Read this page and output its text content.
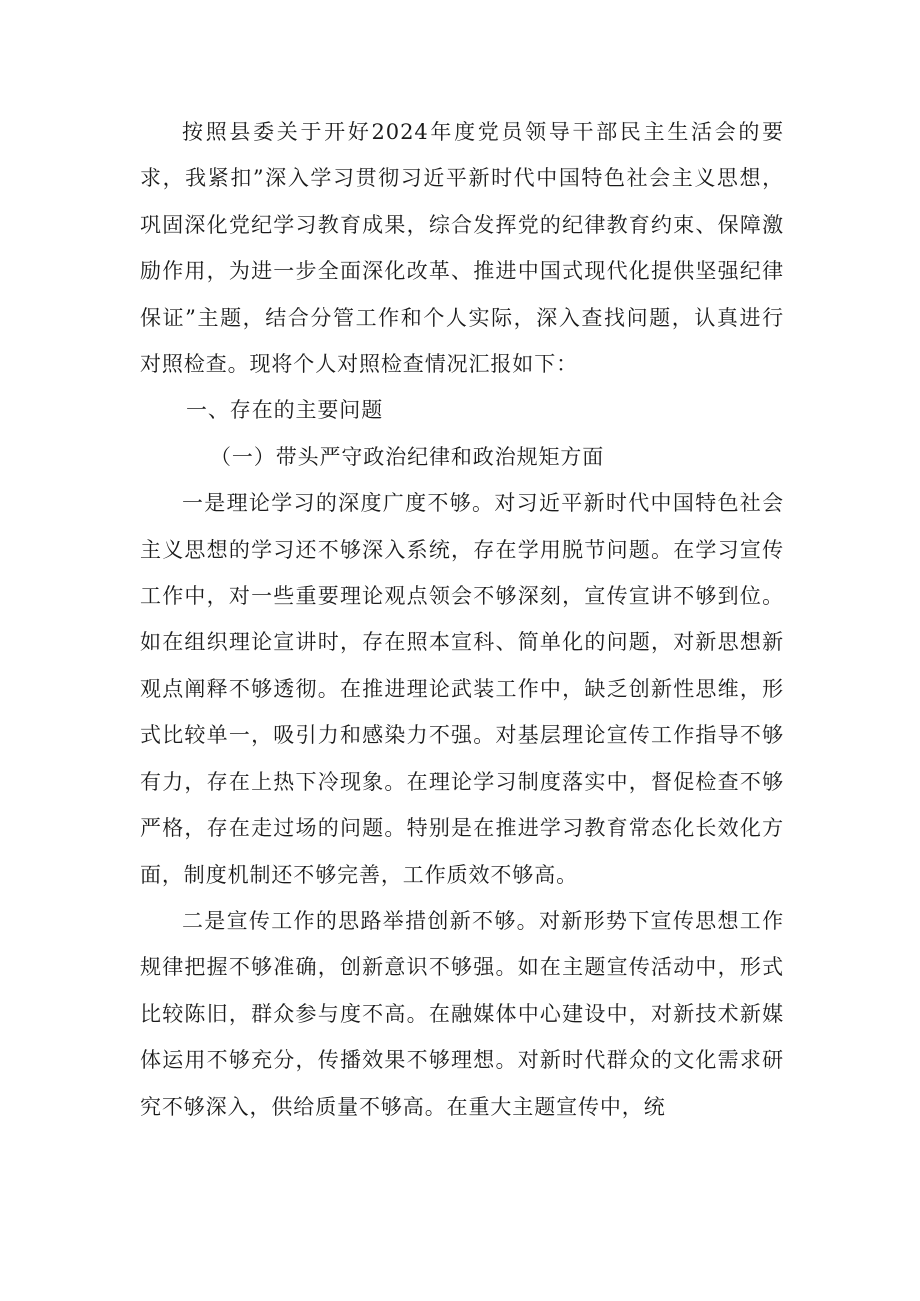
按照县委关于开好2024年度党员领导干部民主生活会的要求，我紧扣”深入学习贯彻习近平新时代中国特色社会主义思想，巩固深化党纪学习教育成果，综合发挥党的纪律教育约束、保障激励作用，为进一步全面深化改革、推进中国式现代化提供坚强纪律保证”主题，结合分管工作和个人实际，深入查找问题，认真进行对照检查。现将个人对照检查情况汇报如下：

一、存在的主要问题

（一）带头严守政治纪律和政治规矩方面

一是理论学习的深度广度不够。对习近平新时代中国特色社会主义思想的学习还不够深入系统，存在学用脱节问题。在学习宣传工作中，对一些重要理论观点领会不够深刻，宣传宣讲不够到位。如在组织理论宣讲时，存在照本宣科、简单化的问题，对新思想新观点阐释不够透彻。在推进理论武装工作中，缺乏创新性思维，形式比较单一，吸引力和感染力不强。对基层理论宣传工作指导不够有力，存在上热下冷现象。在理论学习制度落实中，督促检查不够严格，存在走过场的问题。特别是在推进学习教育常态化长效化方面，制度机制还不够完善，工作质效不够高。

二是宣传工作的思路举措创新不够。对新形势下宣传思想工作规律把握不够准确，创新意识不够强。如在主题宣传活动中，形式比较陈旧，群众参与度不高。在融媒体中心建设中，对新技术新媒体运用不够充分，传播效果不够理想。对新时代群众的文化需求研究不够深入，供给质量不够高。在重大主题宣传中，统
